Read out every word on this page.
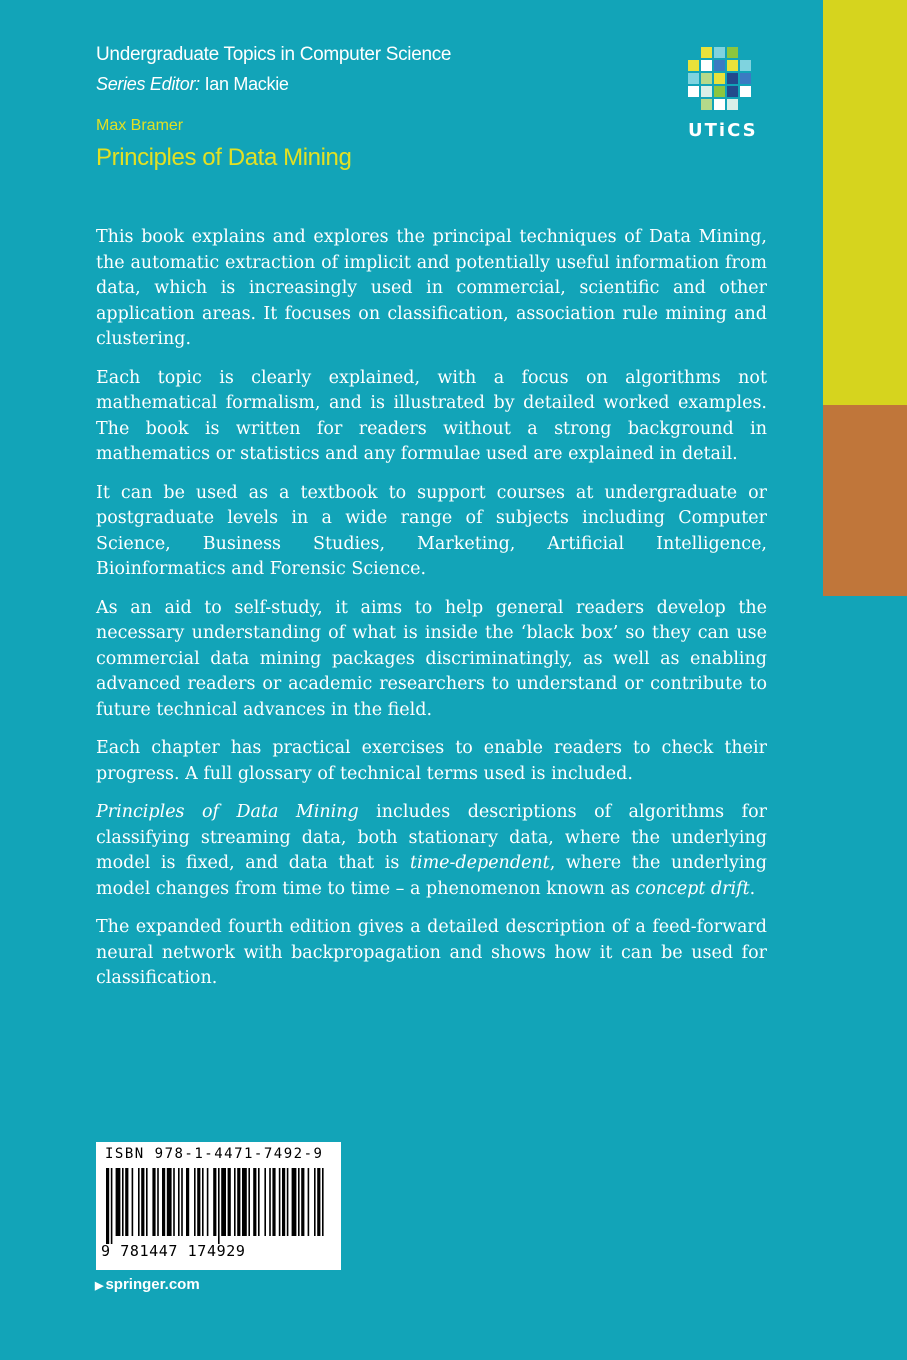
Undergraduate Topics in Computer Science
Series Editor: Ian Mackie
Max Bramer
Principles of Data Mining
UTiCS

This book explains and explores the principal techniques of Data Mining, the automatic extraction of implicit and potentially useful information from data, which is increasingly used in commercial, scientific and other application areas. It focuses on classification, association rule mining and clustering.

Each topic is clearly explained, with a focus on algorithms not mathematical formalism, and is illustrated by detailed worked examples. The book is written for readers without a strong background in mathematics or statistics and any formulae used are explained in detail.

It can be used as a textbook to support courses at undergraduate or postgraduate levels in a wide range of subjects including Computer Science, Business Studies, Marketing, Artificial Intelligence, Bioinformatics and Forensic Science.

As an aid to self-study, it aims to help general readers develop the necessary understanding of what is inside the ‘black box’ so they can use commercial data mining packages discriminatingly, as well as enabling advanced readers or academic researchers to understand or contribute to future technical advances in the field.

Each chapter has practical exercises to enable readers to check their progress. A full glossary of technical terms used is included.

Principles of Data Mining includes descriptions of algorithms for classifying streaming data, both stationary data, where the underlying model is fixed, and data that is time-dependent, where the underlying model changes from time to time – a phenomenon known as concept drift.

The expanded fourth edition gives a detailed description of a feed-forward neural network with backpropagation and shows how it can be used for classification.

ISBN 978-1-4471-7492-9
9 781447 174929
▶ springer.com
